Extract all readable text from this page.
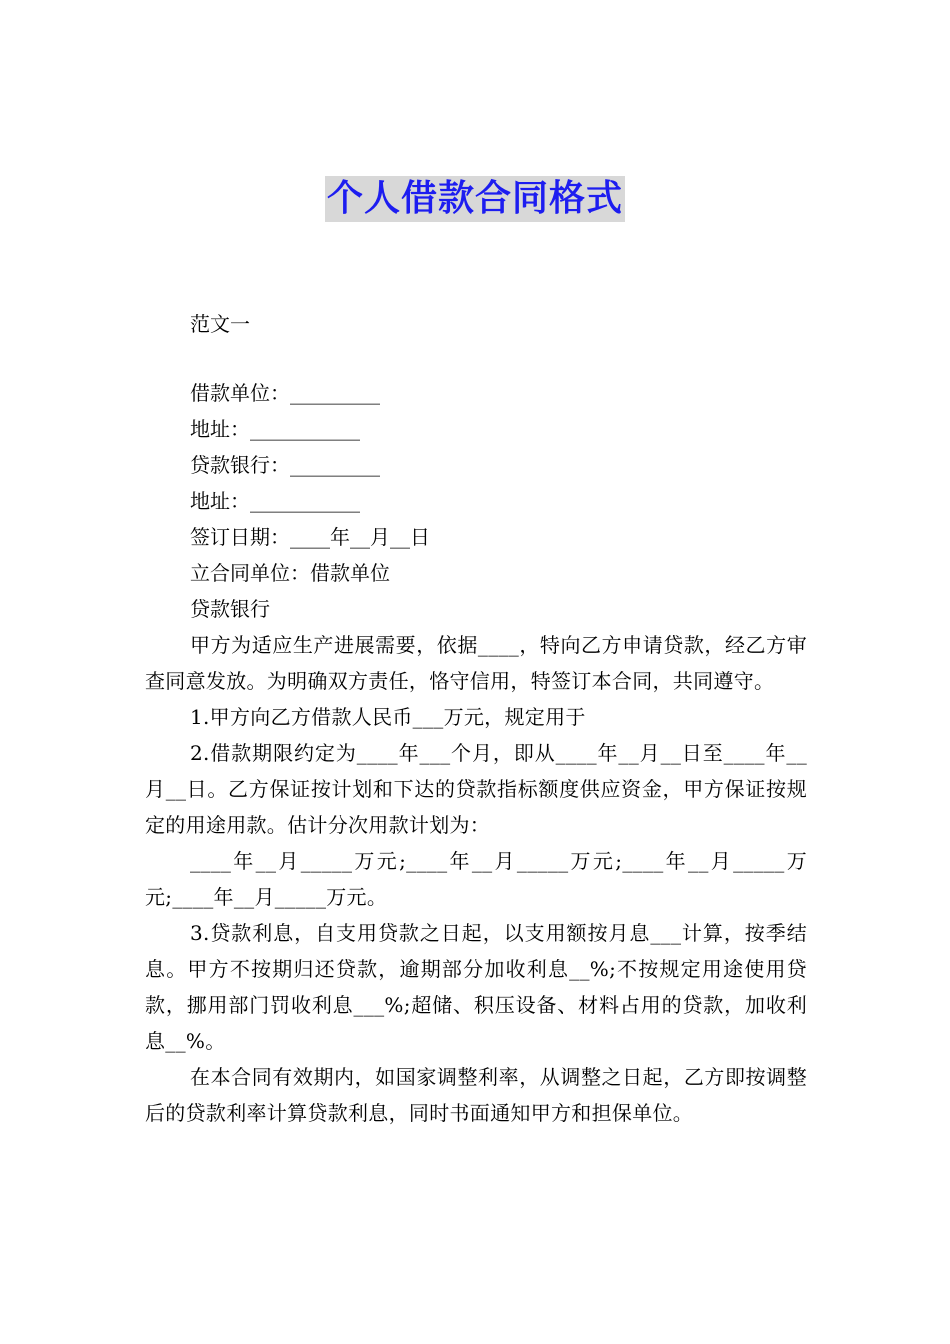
个人借款合同格式
范文一
借款单位：_________
地址：___________
贷款银行：_________
地址：___________
签订日期：____年__月__日
立合同单位：借款单位
贷款银行

甲方为适应生产进展需要，依据____，特向乙方申请贷款，经乙方审查同意发放。为明确双方责任，恪守信用，特签订本合同，共同遵守。

1.甲方向乙方借款人民币___万元，规定用于

2.借款期限约定为____年___个月，即从____年__月__日至____年__月__日。乙方保证按计划和下达的贷款指标额度供应资金，甲方保证按规定的用途用款。估计分次用款计划为：

____年__月_____万元;____年__月_____万元;____年__月_____万元;____年__月_____万元。

3.贷款利息，自支用贷款之日起，以支用额按月息___计算，按季结息。甲方不按期归还贷款，逾期部分加收利息__%;不按规定用途使用贷款，挪用部门罚收利息___%;超储、积压设备、材料占用的贷款，加收利息__%。

在本合同有效期内，如国家调整利率，从调整之日起，乙方即按调整后的贷款利率计算贷款利息，同时书面通知甲方和担保单位。
